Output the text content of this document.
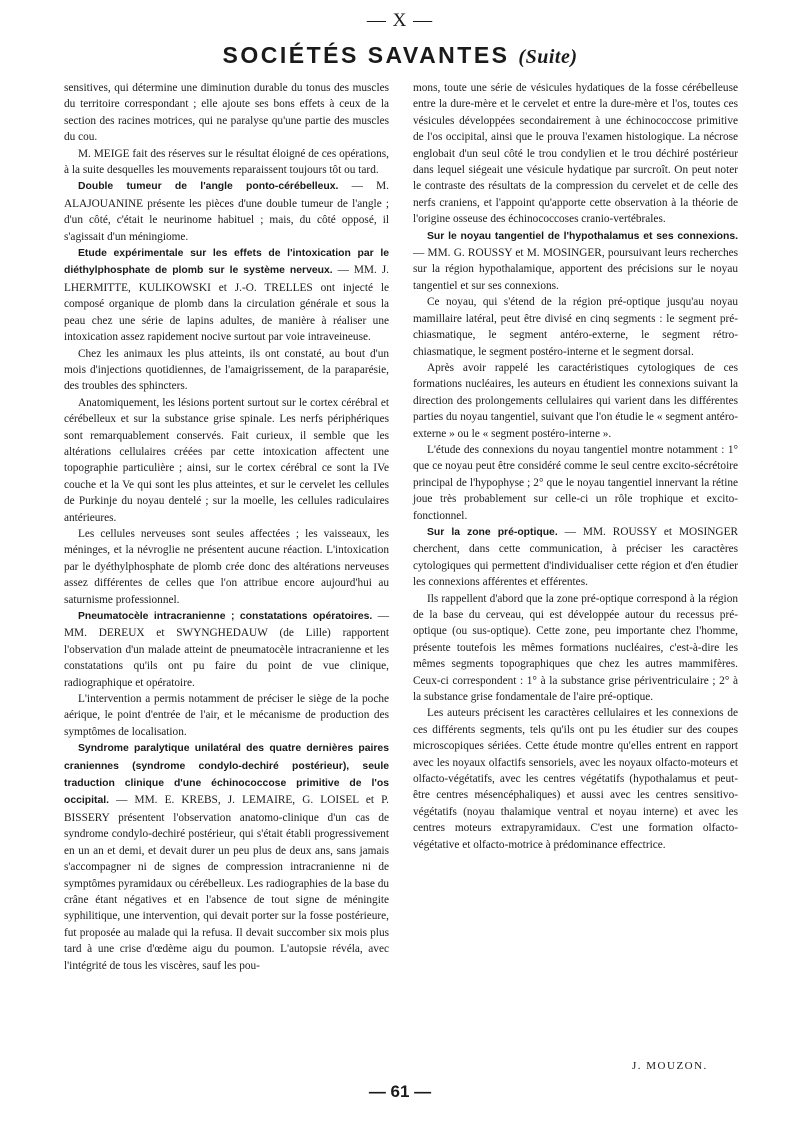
— X —
SOCIÉTÉS SAVANTES (Suite)

sensitives, qui détermine une diminution durable du tonus des muscles du territoire correspondant ; elle ajoute ses bons effets à ceux de la section des racines motrices, qui ne paralyse qu'une partie des muscles du cou.

M. MEIGE fait des réserves sur le résultat éloigné de ces opérations, à la suite desquelles les mouvements reparaissent toujours tôt ou tard.

Double tumeur de l'angle ponto-cérébelleux. — M. ALAJOUANINE présente les pièces d'une double tumeur de l'angle ; d'un côté, c'était le neurinome habituel ; mais, du côté opposé, il s'agissait d'un méningiome.

Etude expérimentale sur les effets de l'intoxication par le diéthylphosphate de plomb sur le système nerveux. — MM. J. LHERMITTE, KULIKOWSKI et J.-O. TRELLES ont injecté le composé organique de plomb dans la circulation générale et sous la peau chez une série de lapins adultes, de manière à réaliser une intoxication assez rapidement nocive surtout par voie intraveineuse.

Chez les animaux les plus atteints, ils ont constaté, au bout d'un mois d'injections quotidiennes, de l'amaigrissement, de la paraparésie, des troubles des sphincters.

Anatomiquement, les lésions portent surtout sur le cortex cérébral et cérébelleux et sur la substance grise spinale. Les nerfs périphériques sont remarquablement conservés. Fait curieux, il semble que les altérations cellulaires créées par cette intoxication affectent une topographie particulière ; ainsi, sur le cortex cérébral ce sont la IVe couche et la Ve qui sont les plus atteintes, et sur le cervelet les cellules de Purkinje du noyau dentelé ; sur la moelle, les cellules radiculaires antérieures.

Les cellules nerveuses sont seules affectées ; les vaisseaux, les méninges, et la névroglie ne présentent aucune réaction. L'intoxication par le dyéthylphosphate de plomb crée donc des altérations nerveuses assez différentes de celles que l'on attribue encore aujourd'hui au saturnisme professionnel.

Pneumatocèle intracranienne ; constatations opératoires. — MM. DEREUX et SWYNGHEDAUW (de Lille) rapportent l'observation d'un malade atteint de pneumatocèle intracranienne et les constatations qu'ils ont pu faire du point de vue clinique, radiographique et opératoire.

L'intervention a permis notamment de préciser le siège de la poche aérique, le point d'entrée de l'air, et le mécanisme de production des symptômes de localisation.

Syndrome paralytique unilatéral des quatre dernières paires craniennes (syndrome condylo-dechiré postérieur), seule traduction clinique d'une échinococcose primitive de l'os occipital. — MM. E. KREBS, J. LEMAIRE, G. LOISEL et P. BISSERY présentent l'observation anatomo-clinique d'un cas de syndrome condylo-dechiré postérieur, qui s'était établi progressivement en un an et demi, et devait durer un peu plus de deux ans, sans jamais s'accompagner ni de signes de compression intracranienne ni de symptômes pyramidaux ou cérébelleux. Les radiographies de la base du crâne étant négatives et en l'absence de tout signe de méningite syphilitique, une intervention, qui devait porter sur la fosse postérieure, fut proposée au malade qui la refusa. Il devait succomber six mois plus tard à une crise d'œdème aigu du poumon. L'autopsie révéla, avec l'intégrité de tous les viscères, sauf les pou-

mons, toute une série de vésicules hydatiques de la fosse cérébelleuse entre la dure-mère et le cervelet et entre la dure-mère et l'os, toutes ces vésicules développées secondairement à une échinococcose primitive de l'os occipital, ainsi que le prouva l'examen histologique. La nécrose englobait d'un seul côté le trou condylien et le trou déchiré postérieur dans lequel siégeait une vésicule hydatique par surcroît. On peut noter le contraste des résultats de la compression du cervelet et de celle des nerfs craniens, et l'appoint qu'apporte cette observation à la théorie de l'origine osseuse des échinococcoses cranio-vertébrales.

Sur le noyau tangentiel de l'hypothalamus et ses connexions. — MM. G. ROUSSY et M. MOSINGER, poursuivant leurs recherches sur la région hypothalamique, apportent des précisions sur le noyau tangentiel et sur ses connexions.

Ce noyau, qui s'étend de la région pré-optique jusqu'au noyau mamillaire latéral, peut être divisé en cinq segments : le segment pré-chiasmatique, le segment antéro-externe, le segment rétro-chiasmatique, le segment postéro-interne et le segment dorsal.

Après avoir rappelé les caractéristiques cytologiques de ces formations nucléaires, les auteurs en étudient les connexions suivant la direction des prolongements cellulaires qui varient dans les différentes parties du noyau tangentiel, suivant que l'on étudie le « segment antéro-externe » ou le « segment postéro-interne ».

L'étude des connexions du noyau tangentiel montre notamment : 1° que ce noyau peut être considéré comme le seul centre excito-sécrétoire principal de l'hypophyse ; 2° que le noyau tangentiel innervant la rétine joue très probablement sur celle-ci un rôle trophique et excito-fonctionnel.

Sur la zone pré-optique. — MM. ROUSSY et MOSINGER cherchent, dans cette communication, à préciser les caractères cytologiques qui permettent d'individualiser cette région et d'en étudier les connexions afférentes et efférentes.

Ils rappellent d'abord que la zone pré-optique correspond à la région de la base du cerveau, qui est développée autour du recessus pré-optique (ou sus-optique). Cette zone, peu importante chez l'homme, présente toutefois les mêmes formations nucléaires, c'est-à-dire les mêmes segments topographiques que chez les autres mammifères. Ceux-ci correspondent : 1° à la substance grise périventriculaire ; 2° à la substance grise fondamentale de l'aire pré-optique.

Les auteurs précisent les caractères cellulaires et les connexions de ces différents segments, tels qu'ils ont pu les étudier sur des coupes microscopiques sériées. Cette étude montre qu'elles entrent en rapport avec les noyaux olfactifs sensoriels, avec les noyaux olfacto-moteurs et olfacto-végétatifs, avec les centres végétatifs (hypothalamus et peut-être centres mésencéphaliques) et aussi avec les centres sensitivo-végétatifs (noyau thalamique ventral et noyau interne) et avec les centres moteurs extrapyramidaux. C'est une formation olfacto-végétative et olfacto-motrice à prédominance effectrice.

J. MOUZON.
— 61 —
